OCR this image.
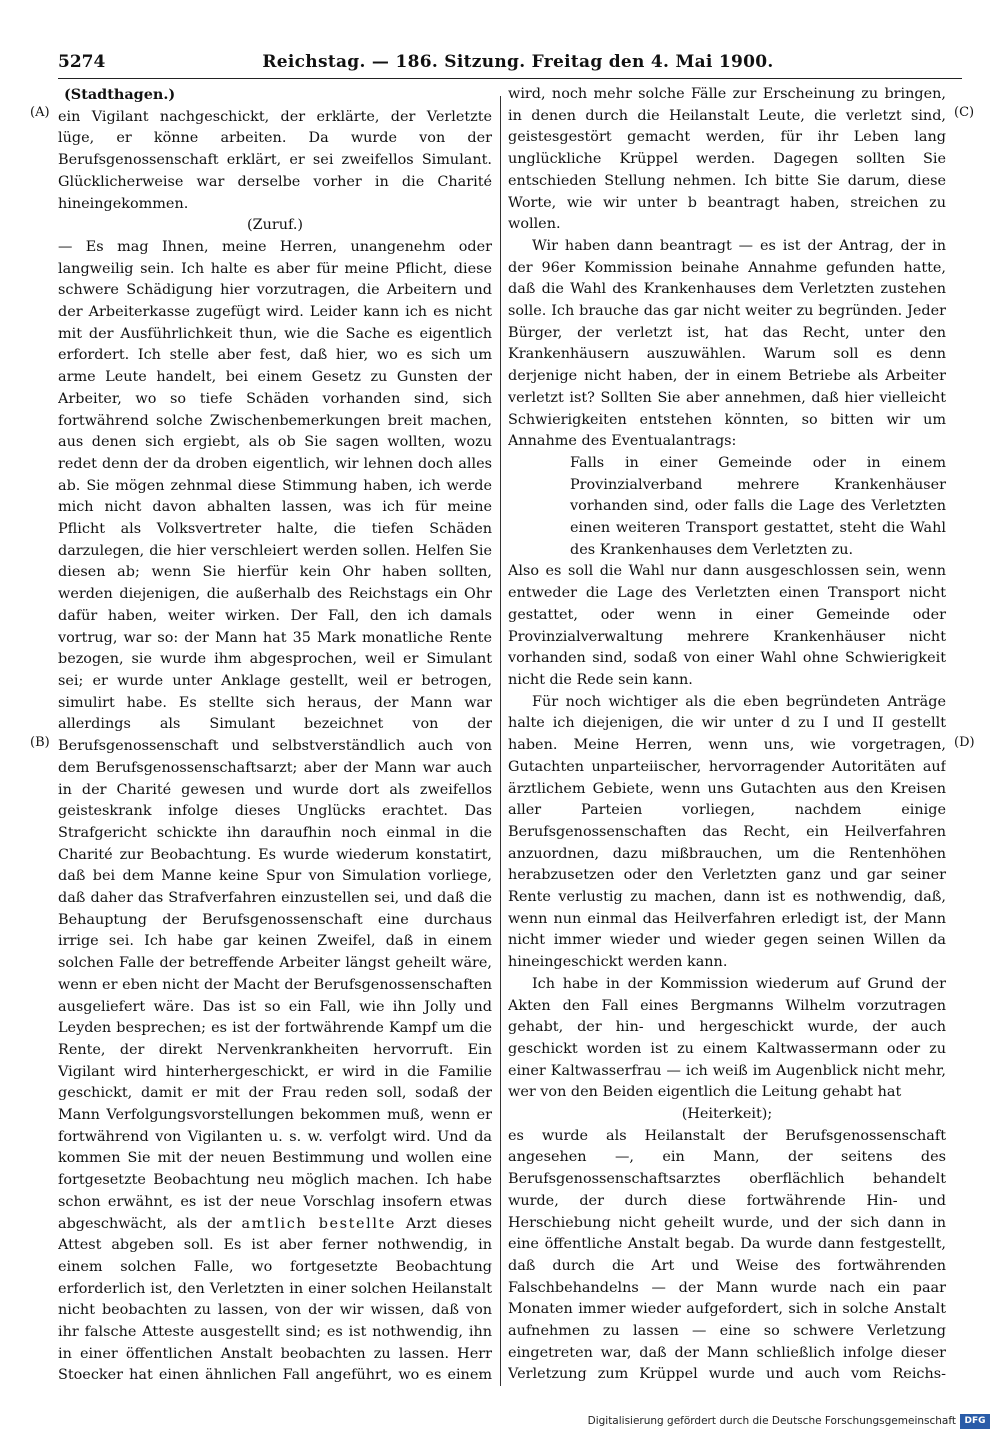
5274	Reichstag. — 186. Sitzung. Freitag den 4. Mai 1900.
(A)
(B)
(C)
(D)

(Stadthagen.)

ein Vigilant nachgeschickt, der erklärte, der Verletzte lüge, er könne arbeiten. Da wurde von der Berufsgenossenschaft erklärt, er sei zweifellos Simulant. Glücklicherweise war derselbe vorher in die Charité hineingekommen.

(Zuruf.)

— Es mag Ihnen, meine Herren, unangenehm oder langweilig sein. Ich halte es aber für meine Pflicht, diese schwere Schädigung hier vorzutragen, die Arbeitern und der Arbeiterkasse zugefügt wird. Leider kann ich es nicht mit der Ausführlichkeit thun, wie die Sache es eigentlich erfordert. Ich stelle aber fest, daß hier, wo es sich um arme Leute handelt, bei einem Gesetz zu Gunsten der Arbeiter, wo so tiefe Schäden vorhanden sind, sich fortwährend solche Zwischenbemerkungen breit machen, aus denen sich ergiebt, als ob Sie sagen wollten, wozu redet denn der da droben eigentlich, wir lehnen doch alles ab. Sie mögen zehnmal diese Stimmung haben, ich werde mich nicht davon abhalten lassen, was ich für meine Pflicht als Volksvertreter halte, die tiefen Schäden darzulegen, die hier verschleiert werden sollen. Helfen Sie diesen ab; wenn Sie hierfür kein Ohr haben sollten, werden diejenigen, die außerhalb des Reichstags ein Ohr dafür haben, weiter wirken. Der Fall, den ich damals vortrug, war so: der Mann hat 35 Mark monatliche Rente bezogen, sie wurde ihm abgesprochen, weil er Simulant sei; er wurde unter Anklage gestellt, weil er betrogen, simulirt habe. Es stellte sich heraus, der Mann war allerdings als Simulant bezeichnet von der Berufsgenossenschaft und selbstverständlich auch von dem Berufsgenossenschaftsarzt; aber der Mann war auch in der Charité gewesen und wurde dort als zweifellos geisteskrank infolge dieses Unglücks erachtet. Das Strafgericht schickte ihn daraufhin noch einmal in die Charité zur Beobachtung. Es wurde wiederum konstatirt, daß bei dem Manne keine Spur von Simulation vorliege, daß daher das Strafverfahren einzustellen sei, und daß die Behauptung der Berufsgenossenschaft eine durchaus irrige sei. Ich habe gar keinen Zweifel, daß in einem solchen Falle der betreffende Arbeiter längst geheilt wäre, wenn er eben nicht der Macht der Berufsgenossenschaften ausgeliefert wäre. Das ist so ein Fall, wie ihn Jolly und Leyden besprechen; es ist der fortwährende Kampf um die Rente, der direkt Nervenkrankheiten hervorruft. Ein Vigilant wird hinterhergeschickt, er wird in die Familie geschickt, damit er mit der Frau reden soll, sodaß der Mann Verfolgungsvorstellungen bekommen muß, wenn er fortwährend von Vigilanten u. s. w. verfolgt wird. Und da kommen Sie mit der neuen Bestimmung und wollen eine fortgesetzte Beobachtung neu möglich machen. Ich habe schon erwähnt, es ist der neue Vorschlag insofern etwas abgeschwächt, als der amtlich bestellte Arzt dieses Attest abgeben soll. Es ist aber ferner nothwendig, in einem solchen Falle, wo fortgesetzte Beobachtung erforderlich ist, den Verletzten in einer solchen Heilanstalt nicht beobachten zu lassen, von der wir wissen, daß von ihr falsche Atteste ausgestellt sind; es ist nothwendig, ihn in einer öffentlichen Anstalt beobachten zu lassen. Herr Stoecker hat einen ähnlichen Fall angeführt, wo es einem

wird, noch mehr solche Fälle zur Erscheinung zu bringen, in denen durch die Heilanstalt Leute, die verletzt sind, geistesgestört gemacht werden, für ihr Leben lang unglückliche Krüppel werden. Dagegen sollten Sie entschieden Stellung nehmen. Ich bitte Sie darum, diese Worte, wie wir unter b beantragt haben, streichen zu wollen.

Wir haben dann beantragt — es ist der Antrag, der in der 96er Kommission beinahe Annahme gefunden hatte, daß die Wahl des Krankenhauses dem Verletzten zustehen solle. Ich brauche das gar nicht weiter zu begründen. Jeder Bürger, der verletzt ist, hat das Recht, unter den Krankenhäusern auszuwählen. Warum soll es denn derjenige nicht haben, der in einem Betriebe als Arbeiter verletzt ist? Sollten Sie aber annehmen, daß hier vielleicht Schwierigkeiten entstehen könnten, so bitten wir um Annahme des Eventualantrags:

Falls in einer Gemeinde oder in einem Provinzialverband mehrere Krankenhäuser vorhanden sind, oder falls die Lage des Verletzten einen weiteren Transport gestattet, steht die Wahl des Krankenhauses dem Verletzten zu.

Also es soll die Wahl nur dann ausgeschlossen sein, wenn entweder die Lage des Verletzten einen Transport nicht gestattet, oder wenn in einer Gemeinde oder Provinzialverwaltung mehrere Krankenhäuser nicht vorhanden sind, sodaß von einer Wahl ohne Schwierigkeit nicht die Rede sein kann.

Für noch wichtiger als die eben begründeten Anträge halte ich diejenigen, die wir unter d zu I und II gestellt haben. Meine Herren, wenn uns, wie vorgetragen, Gutachten unparteiischer, hervorragender Autoritäten auf ärztlichem Gebiete, wenn uns Gutachten aus den Kreisen aller Parteien vorliegen, nachdem einige Berufsgenossenschaften das Recht, ein Heilverfahren anzuordnen, dazu mißbrauchen, um die Rentenhöhen herabzusetzen oder den Verletzten ganz und gar seiner Rente verlustig zu machen, dann ist es nothwendig, daß, wenn nun einmal das Heilverfahren erledigt ist, der Mann nicht immer wieder und wieder gegen seinen Willen da hineingeschickt werden kann.

Ich habe in der Kommission wiederum auf Grund der Akten den Fall eines Bergmanns Wilhelm vorzutragen gehabt, der hin- und hergeschickt wurde, der auch geschickt worden ist zu einem Kaltwassermann oder zu einer Kaltwasserfrau — ich weiß im Augenblick nicht mehr, wer von den Beiden eigentlich die Leitung gehabt hat

(Heiterkeit);

es wurde als Heilanstalt der Berufsgenossenschaft angesehen —, ein Mann, der seitens des Berufsgenossenschaftsarztes oberflächlich behandelt wurde, der durch diese fortwährende Hin- und Herschiebung nicht geheilt wurde, und der sich dann in eine öffentliche Anstalt begab. Da wurde dann festgestellt, daß durch die Art und Weise des fortwährenden Falschbehandelns — der Mann wurde nach ein paar Monaten immer wieder aufgefordert, sich in solche Anstalt aufnehmen zu lassen — eine so schwere Verletzung eingetreten war, daß der Mann schließlich infolge dieser Verletzung zum Krüppel wurde und auch vom Reichs-

Digitalisierung gefördert durch die Deutsche Forschungsgemeinschaft DFG
